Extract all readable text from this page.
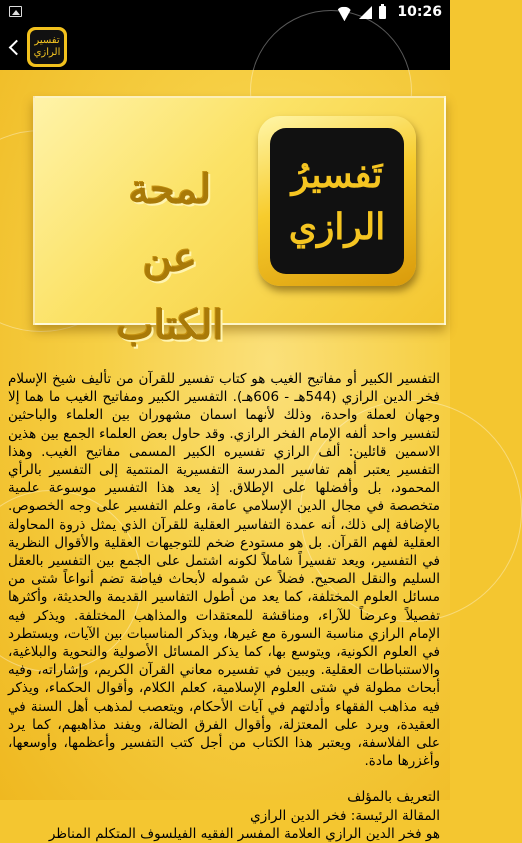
10:26
تفسير
الرازي
لمحة عن
الكتاب
تَفسيرُ
الرازي

التفسير الكبير أو مفاتيح الغيب هو كتاب تفسير للقرآن من تأليف شيخ الإسلام فخر الدين الرازي (544هـ - 606هـ). التفسير الكبير ومفاتيح الغيب ما هما إلا وجهان لعملة واحدة، وذلك لأنهما اسمان مشهوران بين العلماء والباحثين لتفسير واحد ألفه الإمام الفخر الرازي. وقد حاول بعض العلماء الجمع بين هذين الاسمين قائلين: ألف الرازي تفسيره الكبير المسمى مفاتيح الغيب. وهذا التفسير يعتبر أهم تفاسير المدرسة التفسيرية المنتمية إلى التفسير بالرأي المحمود، بل وأفضلها على الإطلاق. إذ يعد هذا التفسير موسوعة علمية متخصصة في مجال الدين الإسلامي عامة، وعلم التفسير على وجه الخصوص. بالإضافة إلى ذلك، أنه عمدة التفاسير العقلية للقرآن الذي يمثل ذروة المحاولة العقلية لفهم القرآن. بل هو مستودع ضخم للتوجيهات العقلية والأقوال النظرية في التفسير، ويعد تفسيراً شاملاً لكونه اشتمل على الجمع بين التفسير بالعقل السليم والنقل الصحيح. فضلاً عن شموله لأبحاث فياضة تضم أنواعاً شتى من مسائل العلوم المختلفة، كما يعد من أطول التفاسير القديمة والحديثة، وأكثرها تفصيلاً وعرضاً للآراء، ومناقشة للمعتقدات والمذاهب المختلفة. ويذكر فيه الإمام الرازي مناسبة السورة مع غيرها، ويذكر المناسبات بين الآيات، ويستطرد في العلوم الكونية، ويتوسع بها، كما يذكر المسائل الأصولية والنحوية والبلاغية، والاستنباطات العقلية. ويبين في تفسيره معاني القرآن الكريم، وإشاراته، وفيه أبحاث مطولة في شتى العلوم الإسلامية، كعلم الكلام، وأقوال الحكماء، ويذكر فيه مذاهب الفقهاء وأدلتهم في آيات الأحكام، ويتعصب لمذهب أهل السنة في العقيدة، ويرد على المعتزلة، وأقوال الفرق الضالة، ويفند مذاهبهم، كما يرد على الفلاسفة، ويعتبر هذا الكتاب من أجل كتب التفسير وأعظمها، وأوسعها، وأغزرها مادة.

التعريف بالمؤلف
المقالة الرئيسة: فخر الدين الرازي
هو فخر الدين الرازي العلامة المفسر الفقيه الفيلسوف المتكلم المناظر
